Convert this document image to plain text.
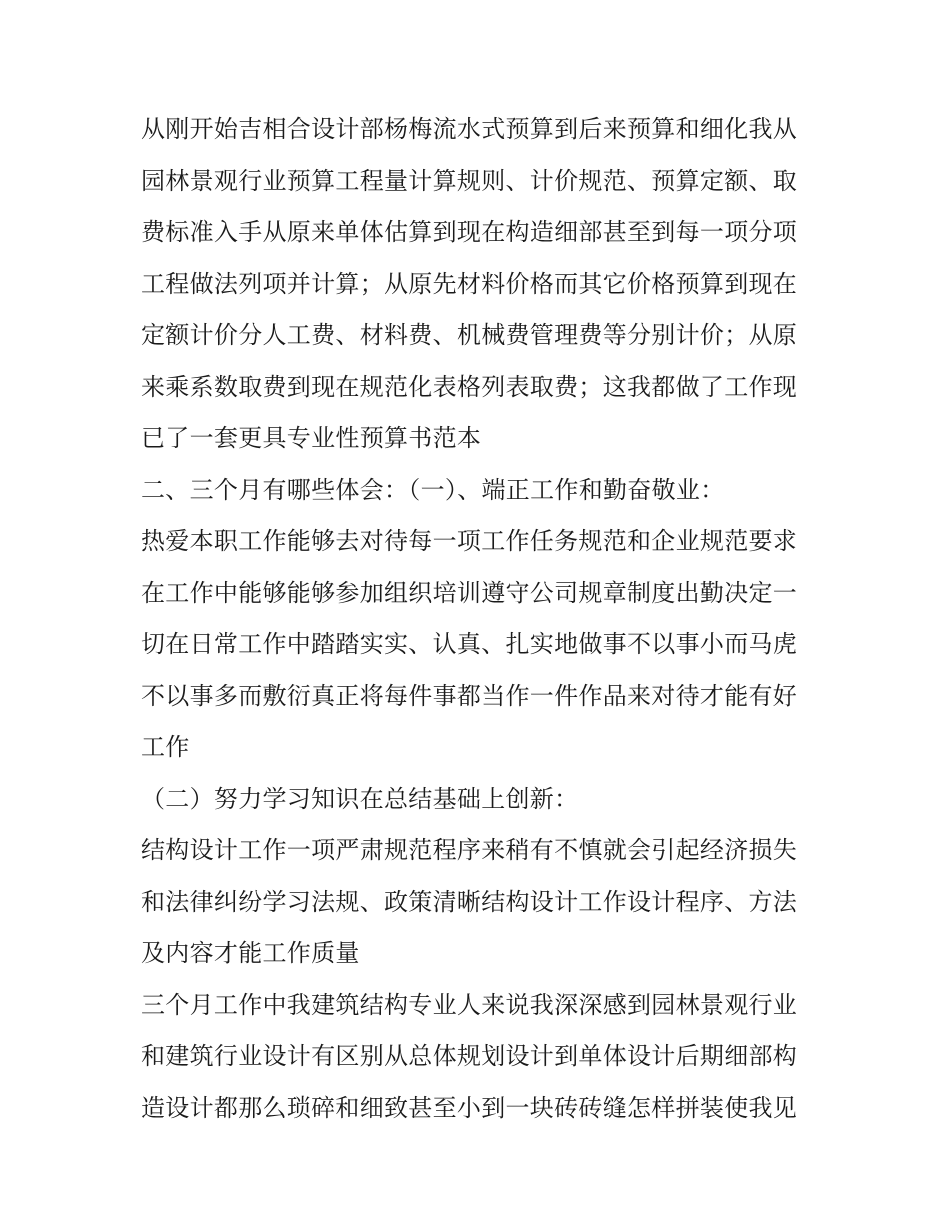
从刚开始吉相合设计部杨梅流水式预算到后来预算和细化我从
园林景观行业预算工程量计算规则、计价规范、预算定额、取
费标准入手从原来单体估算到现在构造细部甚至到每一项分项
工程做法列项并计算；从原先材料价格而其它价格预算到现在
定额计价分人工费、材料费、机械费管理费等分别计价；从原
来乘系数取费到现在规范化表格列表取费；这我都做了工作现
已了一套更具专业性预算书范本
二、三个月有哪些体会：（一）、端正工作和勤奋敬业：
热爱本职工作能够去对待每一项工作任务规范和企业规范要求
在工作中能够能够参加组织培训遵守公司规章制度出勤决定一
切在日常工作中踏踏实实、认真、扎实地做事不以事小而马虎
不以事多而敷衍真正将每件事都当作一件作品来对待才能有好
工作
（二）努力学习知识在总结基础上创新：
结构设计工作一项严肃规范程序来稍有不慎就会引起经济损失
和法律纠纷学习法规、政策清晰结构设计工作设计程序、方法
及内容才能工作质量
三个月工作中我建筑结构专业人来说我深深感到园林景观行业
和建筑行业设计有区别从总体规划设计到单体设计后期细部构
造设计都那么琐碎和细致甚至小到一块砖砖缝怎样拼装使我见
